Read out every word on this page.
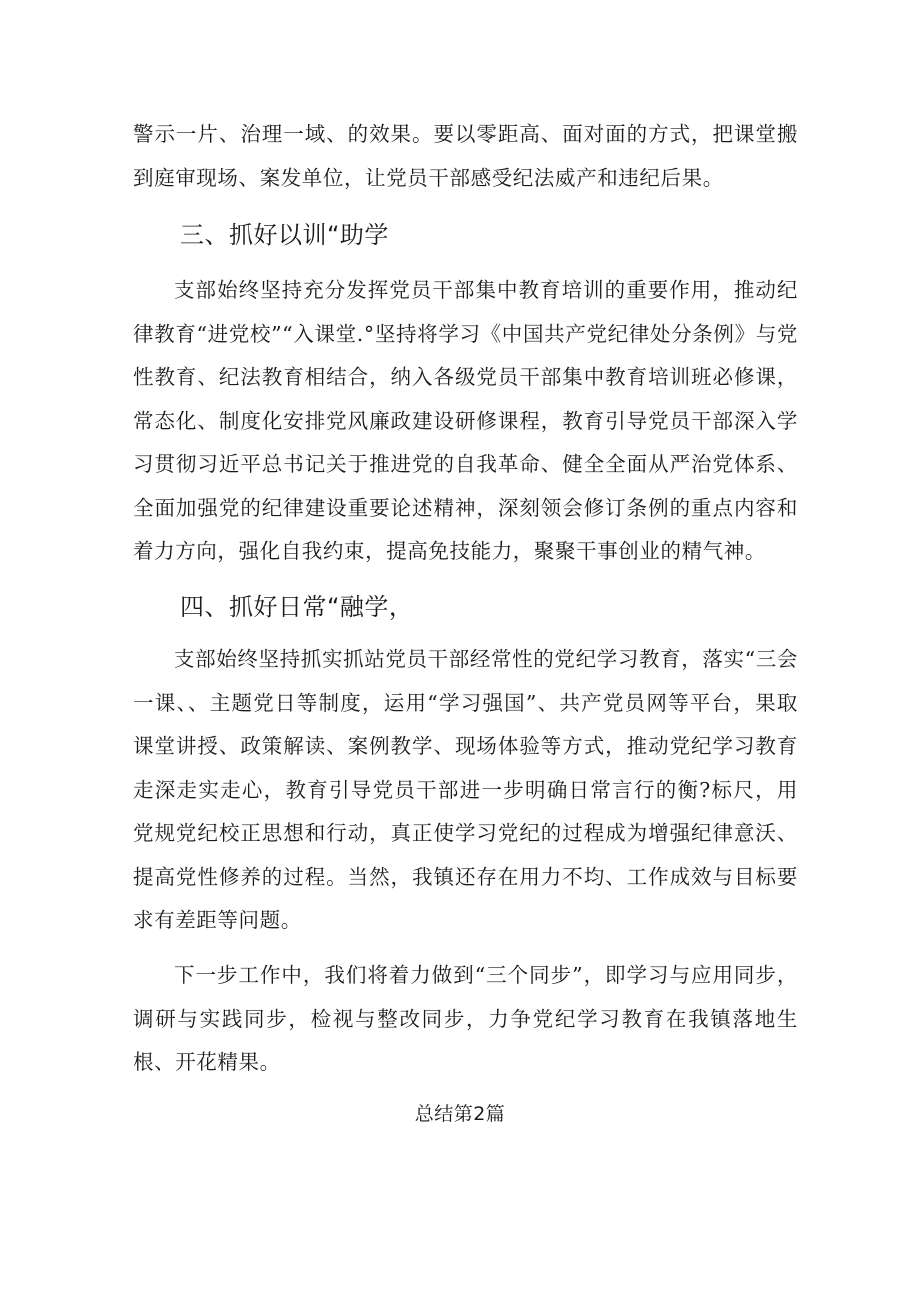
警示一片、治理一域、的效果。要以零距高、面对面的方式，把课堂搬到庭审现场、案发单位，让党员干部感受纪法威产和违纪后果。

三、抓好以训“助学

支部始终坚持充分发挥党员干部集中教育培训的重要作用，推动纪律教育“进党校”“入课堂.°坚持将学习《中国共产党纪律处分条例》与党性教育、纪法教育相结合，纳入各级党员干部集中教育培训班必修课，常态化、制度化安排党风廉政建设研修课程，教育引导党员干部深入学习贯彻习近平总书记关于推进党的自我革命、健全全面从严治党体系、全面加强党的纪律建设重要论述精神，深刻领会修订条例的重点内容和着力方向，强化自我约束，提高免技能力，聚聚干事创业的精气神。

四、抓好日常“融学，

支部始终坚持抓实抓站党员干部经常性的党纪学习教育，落实“三会一课、、主题党日等制度，运用“学习强国”、共产党员网等平台，果取课堂讲授、政策解读、案例教学、现场体验等方式，推动党纪学习教育走深走实走心，教育引导党员干部进一步明确日常言行的衡?标尺，用党规党纪校正思想和行动，真正使学习党纪的过程成为增强纪律意沃、提高党性修养的过程。当然，我镇还存在用力不均、工作成效与目标要求有差距等问题。

下一步工作中，我们将着力做到“三个同步”，即学习与应用同步，调研与实践同步，检视与整改同步，力争党纪学习教育在我镇落地生根、开花精果。

总结第2篇
